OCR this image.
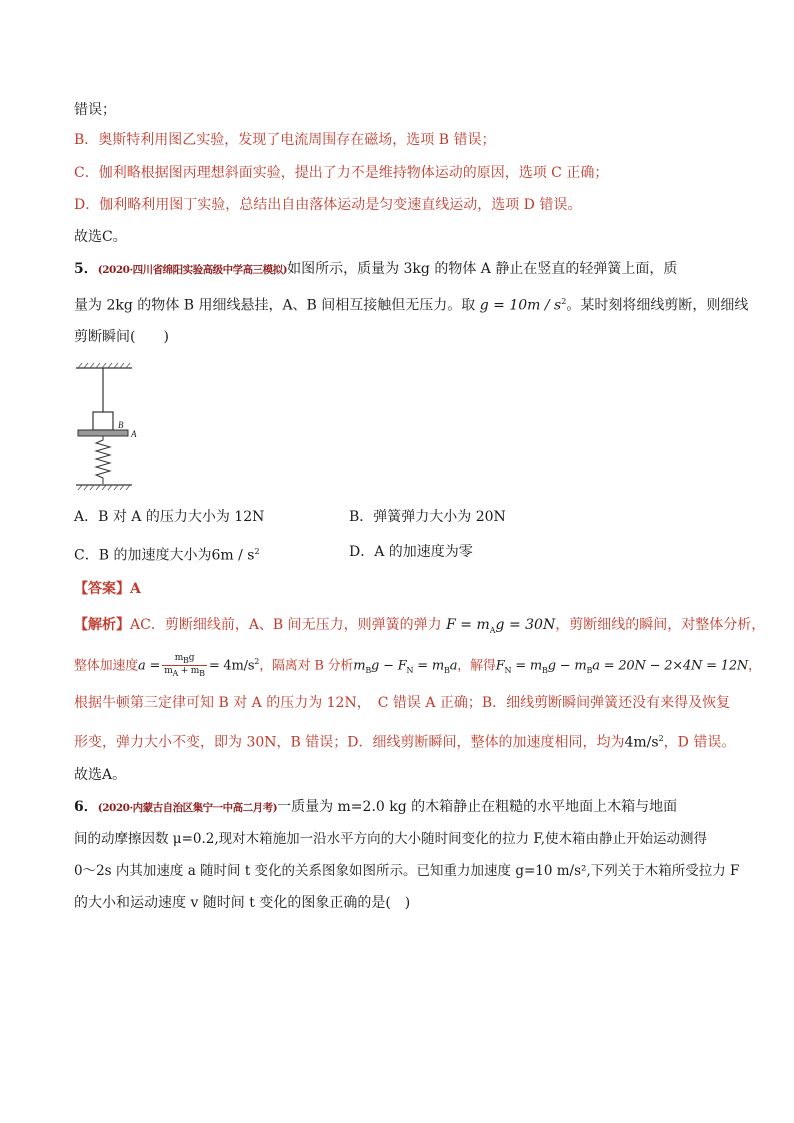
错误；
B．奥斯特利用图乙实验，发现了电流周围存在磁场，选项 B 错误；
C．伽利略根据图丙理想斜面实验，提出了力不是维持物体运动的原因，选项 C 正确；
D．伽利略利用图丁实验，总结出自由落体运动是匀变速直线运动，选项 D 错误。
故选C。
5．(2020·四川省绵阳实验高级中学高三模拟)如图所示，质量为 3kg 的物体 A 静止在竖直的轻弹簧上面，质
量为 2kg 的物体 B 用细线悬挂，A、B 间相互接触但无压力。取 $g = 10m / s^2$。某时刻将细线剪断，则细线
剪断瞬间(　　)
B
A
A．B 对 A 的压力大小为 12N	B．弹簧弹力大小为 20N
C．B 的加速度大小为$6m / s^2$	D．A 的加速度为零
【答案】A
【解析】AC．剪断细线前，A、B 间无压力，则弹簧的弹力 $F = m_Ag = 30N$，剪断细线的瞬间，对整体分析，
整体加速度$a = \frac{m_Bg}{m_A + m_B} = 4m/s^2$，隔离对 B 分析$m_Bg - F_N = m_Ba$，解得$F_N = m_Bg - m_Ba = 20N - 2\times 4N = 12N$，
根据牛顿第三定律可知 B 对 A 的压力为 12N，　C 错误 A 正确；B．细线剪断瞬间弹簧还没有来得及恢复
形变，弹力大小不变，即为 30N，B 错误；D．细线剪断瞬间，整体的加速度相同，均为$4m/s^2$，D 错误。
故选A。
6．(2020·内蒙古自治区集宁一中高二月考)一质量为 m=2.0 kg 的木箱静止在粗糙的水平地面上木箱与地面
间的动摩擦因数 μ=0.2,现对木箱施加一沿水平方向的大小随时间变化的拉力 F,使木箱由静止开始运动测得
0～2s 内其加速度 a 随时间 t 变化的关系图象如图所示。已知重力加速度 g=10 m/s²,下列关于木箱所受拉力 F
的大小和运动速度 v 随时间 t 变化的图象正确的是(　)
